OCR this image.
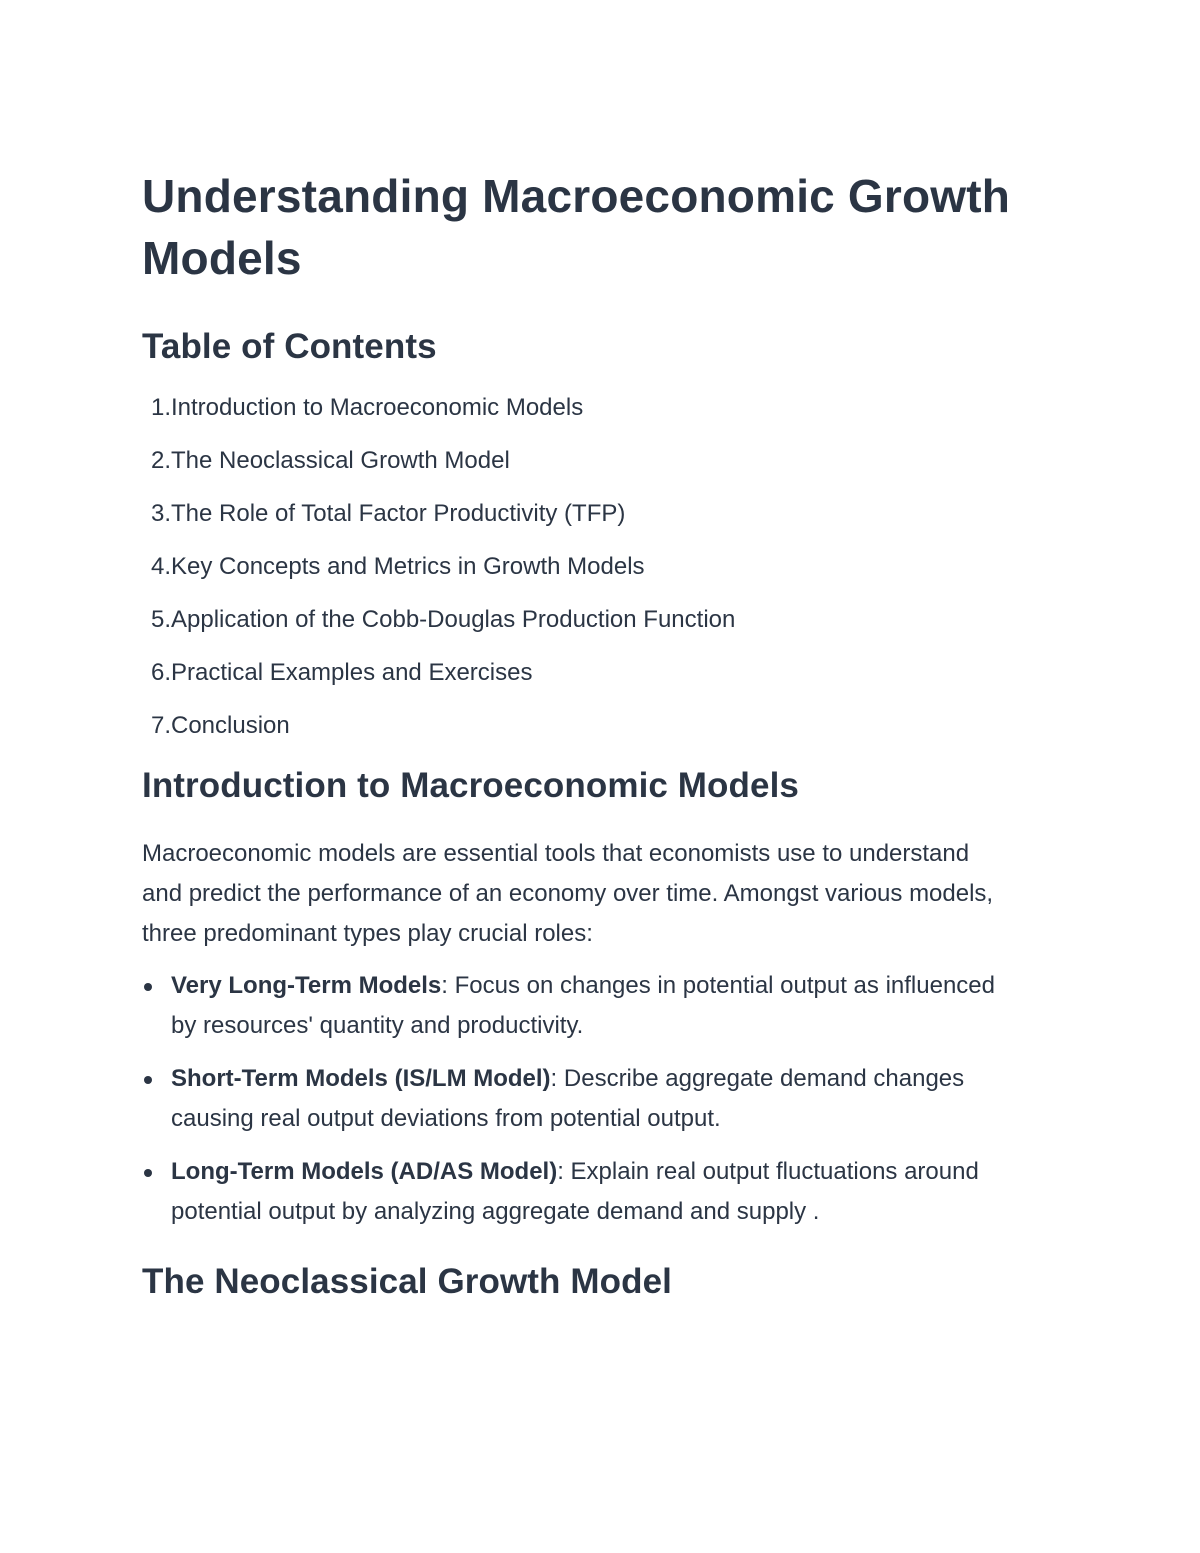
Understanding Macroeconomic Growth Models
Table of Contents
1. Introduction to Macroeconomic Models
2. The Neoclassical Growth Model
3. The Role of Total Factor Productivity (TFP)
4. Key Concepts and Metrics in Growth Models
5. Application of the Cobb-Douglas Production Function
6. Practical Examples and Exercises
7. Conclusion
Introduction to Macroeconomic Models

Macroeconomic models are essential tools that economists use to understand and predict the performance of an economy over time. Amongst various models, three predominant types play crucial roles:

Very Long-Term Models: Focus on changes in potential output as influenced by resources' quantity and productivity.
Short-Term Models (IS/LM Model): Describe aggregate demand changes causing real output deviations from potential output.
Long-Term Models (AD/AS Model): Explain real output fluctuations around potential output by analyzing aggregate demand and supply .
The Neoclassical Growth Model
